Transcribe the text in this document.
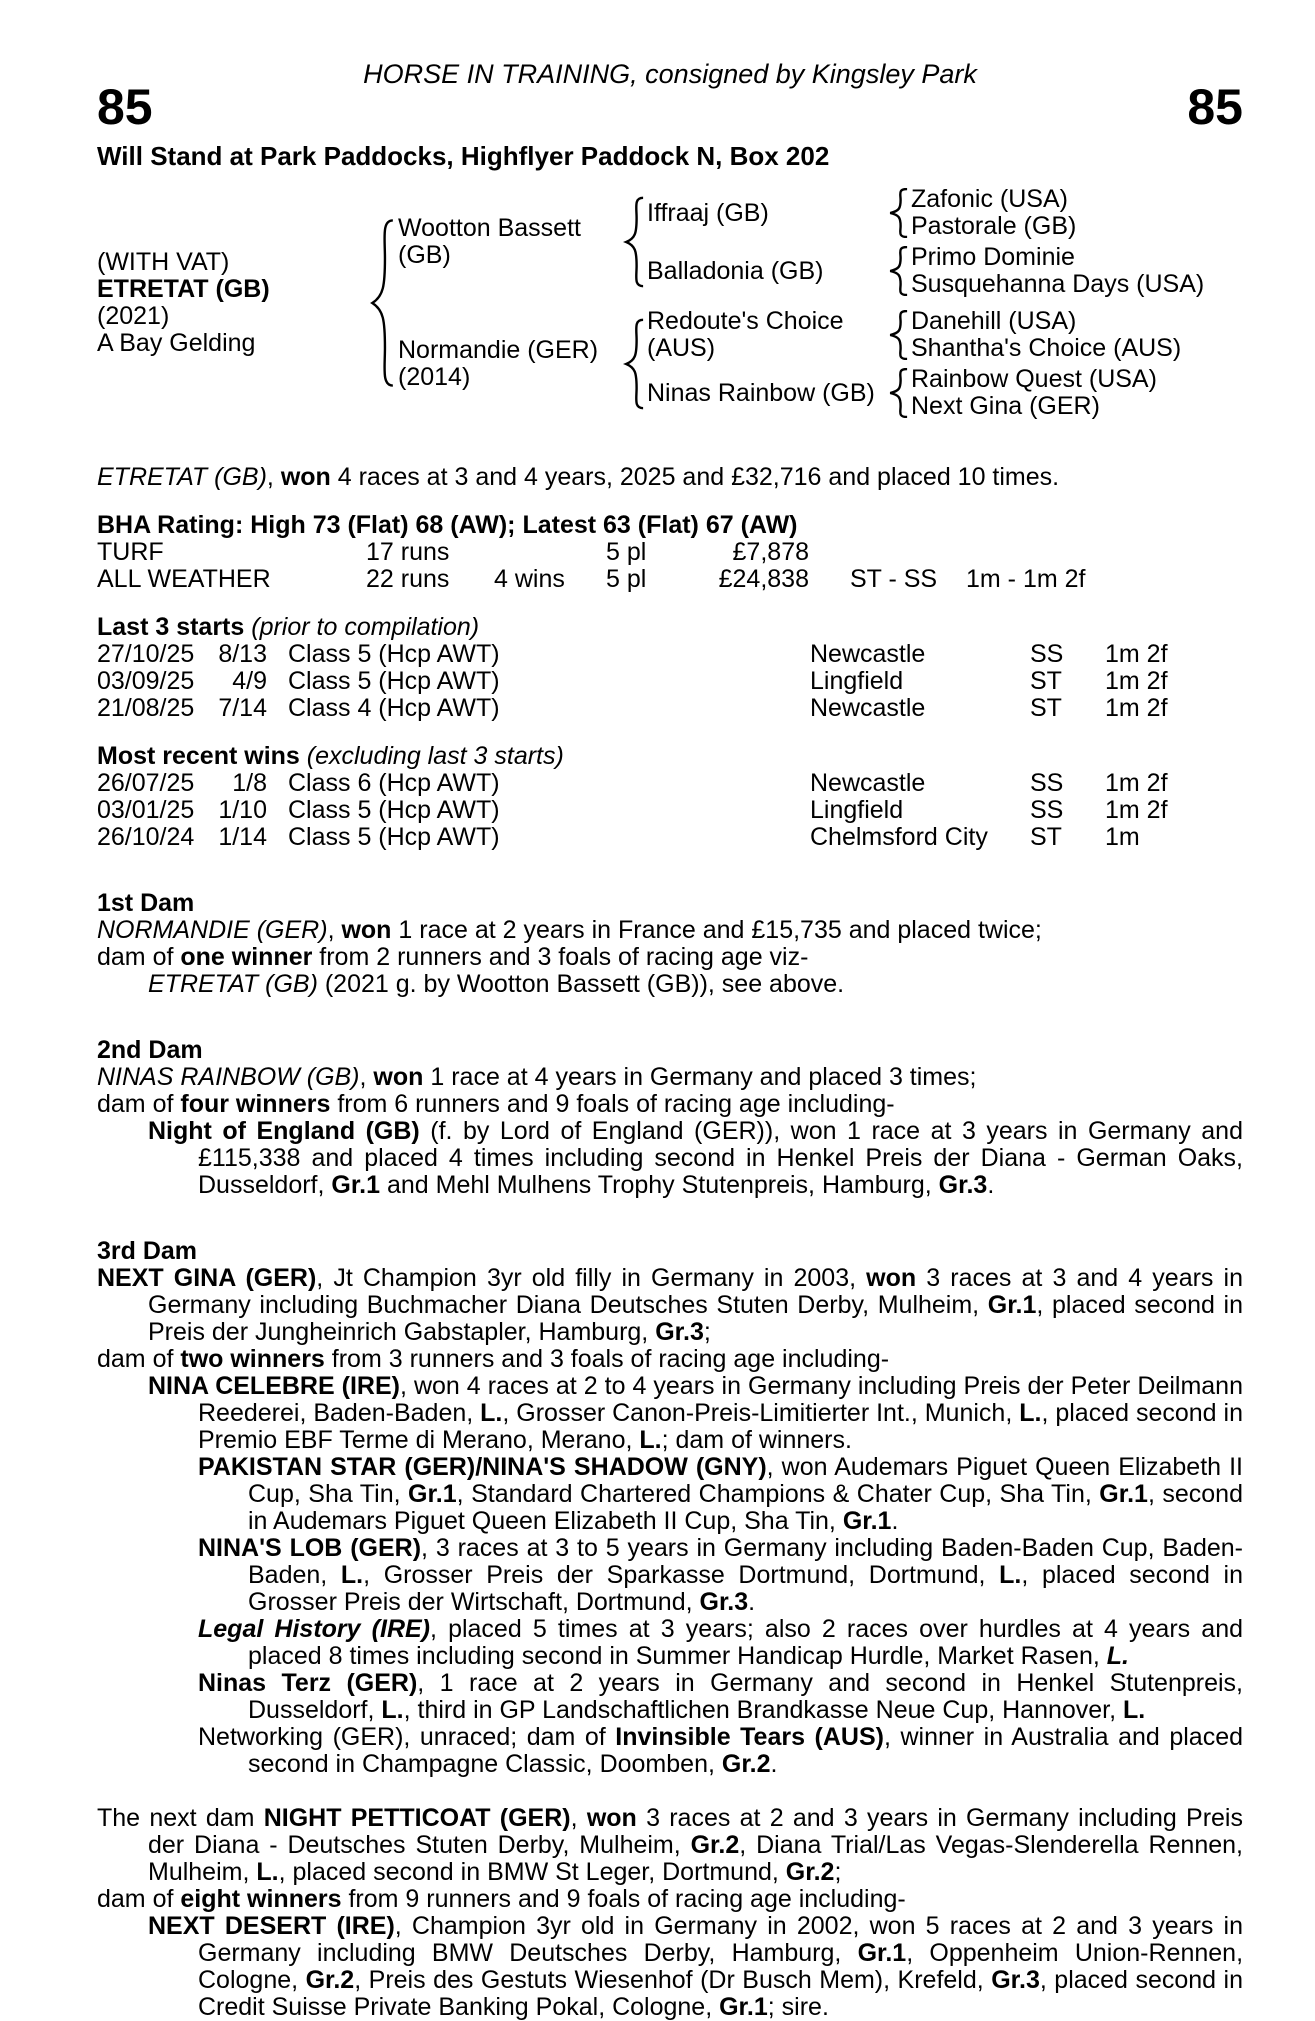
HORSE IN TRAINING, consigned by Kingsley Park
85	85
Will Stand at Park Paddocks, Highflyer Paddock N, Box 202
(WITH VAT)
ETRETAT (GB)
(2021)
A Bay Gelding
Wootton Bassett (GB)
Iffraaj (GB)	Zafonic (USA)
Pastorale (GB)
Balladonia (GB)	Primo Dominie
Susquehanna Days (USA)
Normandie (GER)
(2014)
Redoute's Choice (AUS)
Danehill (USA)
Shantha's Choice (AUS)
Ninas Rainbow (GB)	Rainbow Quest (USA)
Next Gina (GER)

ETRETAT (GB), won 4 races at 3 and 4 years, 2025 and £32,716 and placed 10 times.

BHA Rating: High 73 (Flat) 68 (AW); Latest 63 (Flat) 67 (AW)
TURF	17 runs	5 pl	£7,878
ALL WEATHER	22 runs	4 wins	5 pl	£24,838	ST - SS	1m - 1m 2f
Last 3 starts (prior to compilation)
27/10/25 8/13 Class 5 (Hcp AWT)	Newcastle	SS	1m 2f
03/09/25	4/9 Class 5 (Hcp AWT)	Lingfield	ST	1m 2f
21/08/25 7/14 Class 4 (Hcp AWT)	Newcastle	ST	1m 2f
Most recent wins (excluding last 3 starts)
26/07/25	1/8 Class 6 (Hcp AWT)	Newcastle	SS	1m 2f
03/01/25 1/10 Class 5 (Hcp AWT)	Lingfield	SS	1m 2f
26/10/24 1/14 Class 5 (Hcp AWT)	Chelmsford City	ST	1m
1st Dam

NORMANDIE (GER), won 1 race at 2 years in France and £15,735 and placed twice;

dam of one winner from 2 runners and 3 foals of racing age viz-

ETRETAT (GB) (2021 g. by Wootton Bassett (GB)), see above.

2nd Dam

NINAS RAINBOW (GB), won 1 race at 4 years in Germany and placed 3 times;

dam of four winners from 6 runners and 9 foals of racing age including-

Night of England (GB) (f. by Lord of England (GER)), won 1 race at 3 years in Germany and £115,338 and placed 4 times including second in Henkel Preis der Diana - German Oaks, Dusseldorf, Gr.1 and Mehl Mulhens Trophy Stutenpreis, Hamburg, Gr.3.

3rd Dam

NEXT GINA (GER), Jt Champion 3yr old filly in Germany in 2003, won 3 races at 3 and 4 years in Germany including Buchmacher Diana Deutsches Stuten Derby, Mulheim, Gr.1, placed second in Preis der Jungheinrich Gabstapler, Hamburg, Gr.3;

dam of two winners from 3 runners and 3 foals of racing age including-

NINA CELEBRE (IRE), won 4 races at 2 to 4 years in Germany including Preis der Peter Deilmann Reederei, Baden-Baden, L., Grosser Canon-Preis-Limitierter Int., Munich, L., placed second in Premio EBF Terme di Merano, Merano, L.; dam of winners.

PAKISTAN STAR (GER)/NINA'S SHADOW (GNY), won Audemars Piguet Queen Elizabeth II Cup, Sha Tin, Gr.1, Standard Chartered Champions & Chater Cup, Sha Tin, Gr.1, second in Audemars Piguet Queen Elizabeth II Cup, Sha Tin, Gr.1.

NINA'S LOB (GER), 3 races at 3 to 5 years in Germany including Baden-Baden Cup, Baden-Baden, L., Grosser Preis der Sparkasse Dortmund, Dortmund, L., placed second in Grosser Preis der Wirtschaft, Dortmund, Gr.3.

Legal History (IRE), placed 5 times at 3 years; also 2 races over hurdles at 4 years and placed 8 times including second in Summer Handicap Hurdle, Market Rasen, L.

Ninas Terz (GER), 1 race at 2 years in Germany and second in Henkel Stutenpreis, Dusseldorf, L., third in GP Landschaftlichen Brandkasse Neue Cup, Hannover, L.

Networking (GER), unraced; dam of Invinsible Tears (AUS), winner in Australia and placed second in Champagne Classic, Doomben, Gr.2.

The next dam NIGHT PETTICOAT (GER), won 3 races at 2 and 3 years in Germany including Preis der Diana - Deutsches Stuten Derby, Mulheim, Gr.2, Diana Trial/Las Vegas-Slenderella Rennen, Mulheim, L., placed second in BMW St Leger, Dortmund, Gr.2;

dam of eight winners from 9 runners and 9 foals of racing age including-

NEXT DESERT (IRE), Champion 3yr old in Germany in 2002, won 5 races at 2 and 3 years in Germany including BMW Deutsches Derby, Hamburg, Gr.1, Oppenheim Union-Rennen, Cologne, Gr.2, Preis des Gestuts Wiesenhof (Dr Busch Mem), Krefeld, Gr.3, placed second in Credit Suisse Private Banking Pokal, Cologne, Gr.1; sire.
